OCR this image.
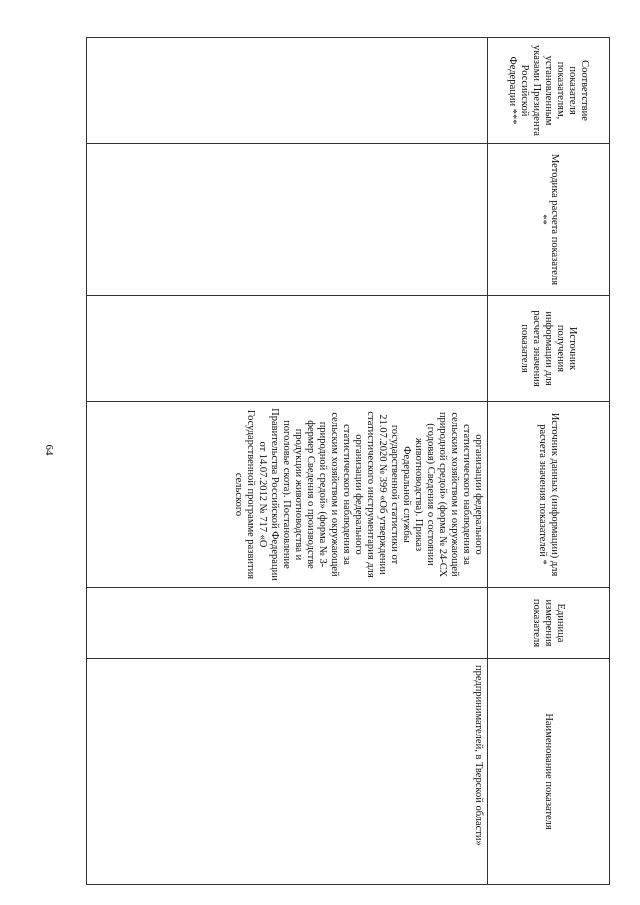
64
Соответствие показателя показателям, установленным указами Президента Российской Федерации ***
Методика расчета показателя **
Источник получения информации для расчета значения показателя
Источник данных (информации) для расчета значения показателей *
Единица измерения показателя
Наименование показателя
организации федерального статистического наблюдения за сельским хозяйством и окружающей природной средой» (форма № 24-СХ (годовая) Сведения о состоянии животноводства). Приказ Федеральной службы государственной статистики от 21.07.2020 № 399 «Об утверждении статистического инструментария для организации федерального статистического наблюдения за сельским хозяйством и окружающей природной средой» (форма № 3-фермер Сведения о производстве продукции животноводства и поголовье скота). Постановление Правительства Российской Федерации от 14.07.2012 № 717 «О Государственной программе развития сельского
предпринимателей, в Тверской области»
